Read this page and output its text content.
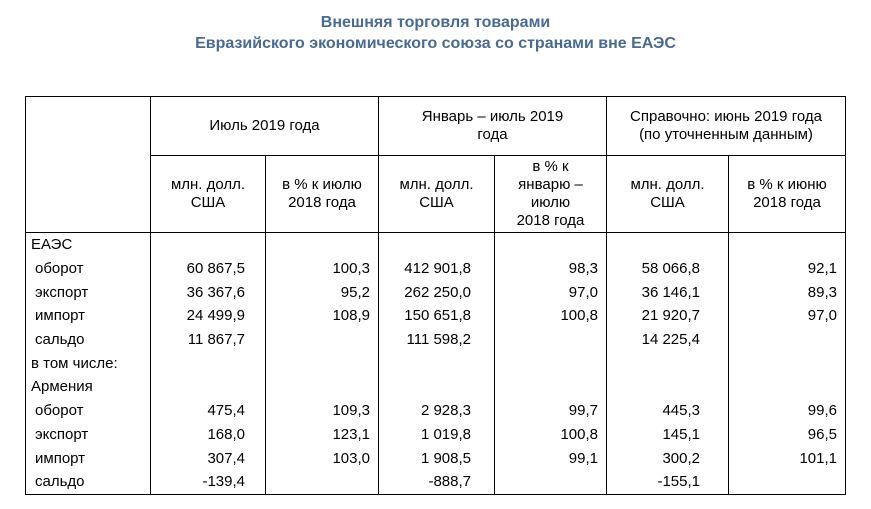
Внешняя торговля товарами
Евразийского экономического союза со странами вне ЕАЭС
	Июль 2019 года		Январь – июль 2019 года		Справочно: июнь 2019 года (по уточненным данным)	
	млн. долл. США	в % к июлю 2018 года	млн. долл. США	в % к январю – июлю 2018 года	млн. долл. США	в % к июню 2018 года
ЕАЭС						
оборот	60 867,5	100,3	412 901,8	98,3	58 066,8	92,1
экспорт	36 367,6	95,2	262 250,0	97,0	36 146,1	89,3
импорт	24 499,9	108,9	150 651,8	100,8	21 920,7	97,0
сальдо	11 867,7		111 598,2		14 225,4	
в том числе:						
Армения						
оборот	475,4	109,3	2 928,3	99,7	445,3	99,6
экспорт	168,0	123,1	1 019,8	100,8	145,1	96,5
импорт	307,4	103,0	1 908,5	99,1	300,2	101,1
сальдо	-139,4		-888,7		-155,1	
